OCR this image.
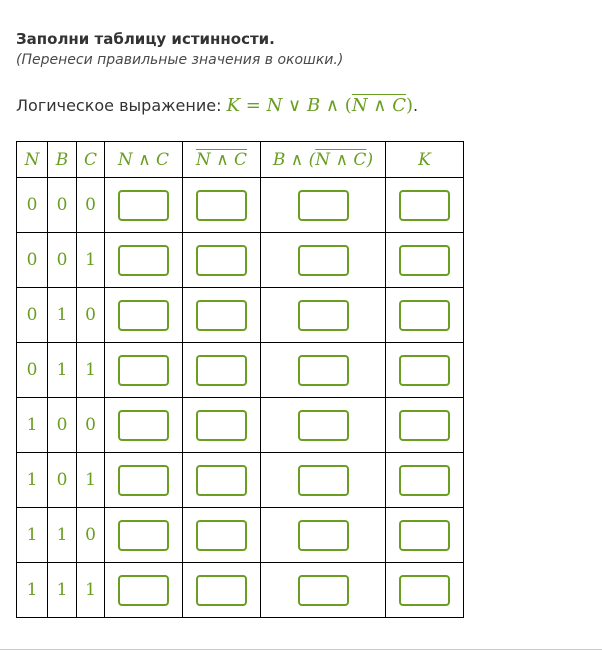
Заполни таблицу истинности.

(Перенеси правильные значения в окошки.)
Логическое выражение: K = N ∨ B ∧ (N ∧ C).
N	B	C	N ∧ C	N ∧ C	B ∧ (N ∧ C)	K
0	0	0				
0	0	1				
0	1	0				
0	1	1				
1	0	0				
1	0	1				
1	1	0				
1	1	1				
